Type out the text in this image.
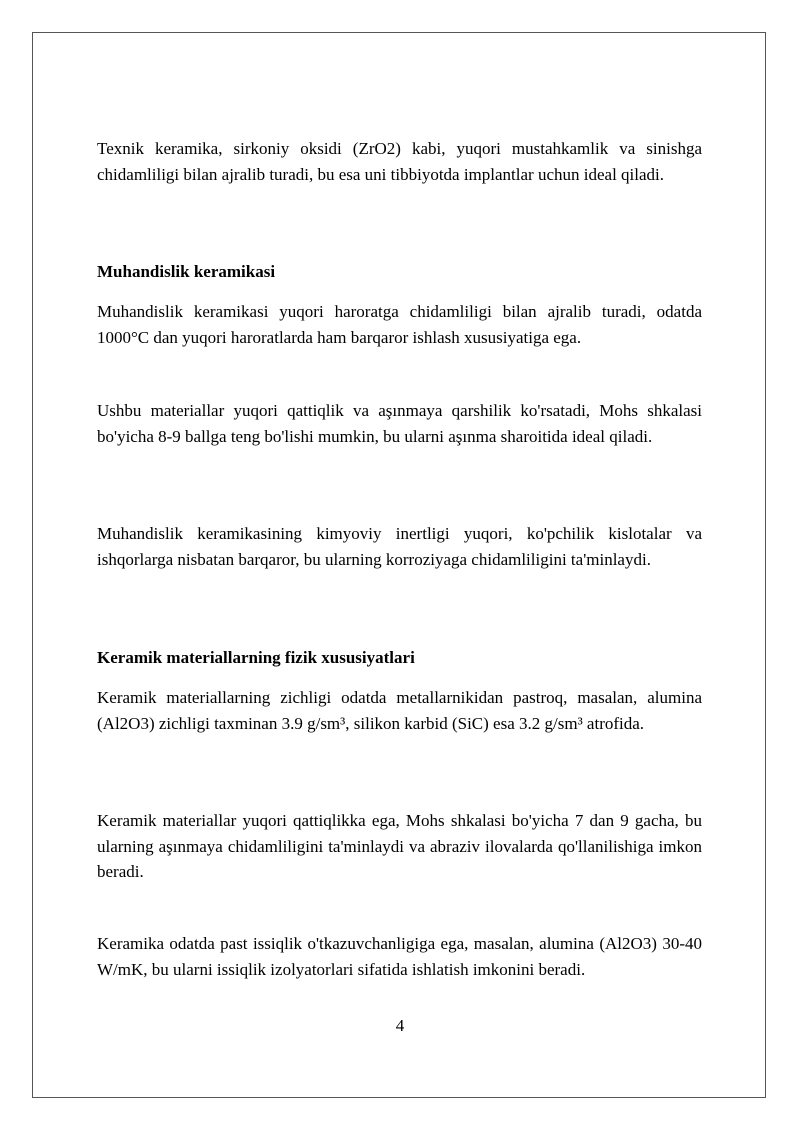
Texnik keramika, sirkoniy oksidi (ZrO2) kabi, yuqori mustahkamlik va sinishga chidamliligi bilan ajralib turadi, bu esa uni tibbiyotda implantlar uchun ideal qiladi.

Muhandislik keramikasi

Muhandislik keramikasi yuqori haroratga chidamliligi bilan ajralib turadi, odatda 1000°C dan yuqori haroratlarda ham barqaror ishlash xususiyatiga ega.

Ushbu materiallar yuqori qattiqlik va aşınmaya qarshilik ko'rsatadi, Mohs shkalasi bo'yicha 8-9 ballga teng bo'lishi mumkin, bu ularni aşınma sharoitida ideal qiladi.

Muhandislik keramikasining kimyoviy inertligi yuqori, ko'pchilik kislotalar va ishqorlarga nisbatan barqaror, bu ularning korroziyaga chidamliligini ta'minlaydi.

Keramik materiallarning fizik xususiyatlari

Keramik materiallarning zichligi odatda metallarnikidan pastroq, masalan, alumina (Al2O3) zichligi taxminan 3.9 g/sm³, silikon karbid (SiC) esa 3.2 g/sm³ atrofida.

Keramik materiallar yuqori qattiqlikka ega, Mohs shkalasi bo'yicha 7 dan 9 gacha, bu ularning aşınmaya chidamliligini ta'minlaydi va abraziv ilovalarda qo'llanilishiga imkon beradi.

Keramika odatda past issiqlik o'tkazuvchanligiga ega, masalan, alumina (Al2O3) 30-40 W/mK, bu ularni issiqlik izolyatorlari sifatida ishlatish imkonini beradi.

4
